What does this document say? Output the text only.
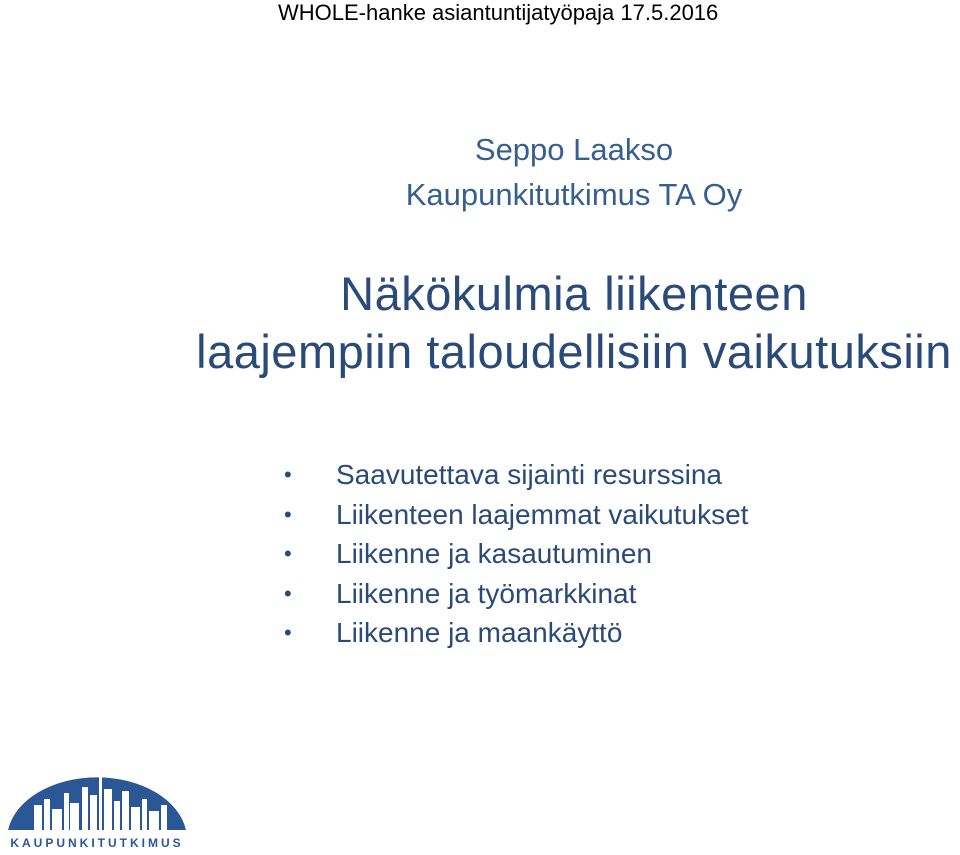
WHOLE-hanke asiantuntijatyöpaja 17.5.2016
Seppo Laakso
Kaupunkitutkimus TA Oy
Näkökulmia liikenteen
laajempiin taloudellisiin vaikutuksiin
• Saavutettava sijainti resurssina
• Liikenteen laajemmat vaikutukset
• Liikenne ja kasautuminen
• Liikenne ja työmarkkinat
• Liikenne ja maankäyttö
KAUPUNKITUTKIMUS
